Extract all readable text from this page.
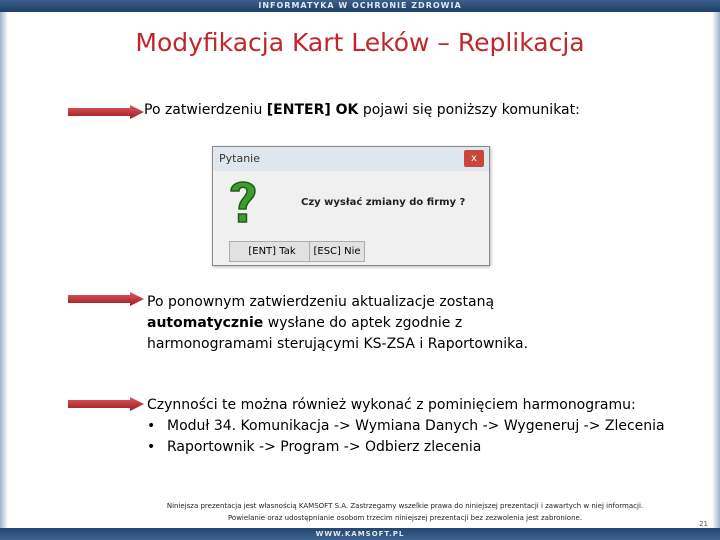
INFORMATYKA W OCHRONIE ZDROWIA
Modyfikacja Kart Leków – Replikacja
Po zatwierdzeniu [ENTER] OK pojawi się poniższy komunikat:
Pytanie	x
Czy wysłać zmiany do firmy ?
[ENT] Tak	[ESC] Nie
Po ponownym zatwierdzeniu aktualizacje zostaną
automatycznie wysłane do aptek zgodnie z
harmonogramami sterującymi KS-ZSA i Raportownika.
Czynności te można również wykonać z pominięciem harmonogramu:
• Moduł 34. Komunikacja -> Wymiana Danych -> Wygeneruj -> Zlecenia
• Raportownik -> Program -> Odbierz zlecenia
Niniejsza prezentacja jest własnością KAMSOFT S.A. Zastrzegamy wszelkie prawa do niniejszej prezentacji i zawartych w niej informacji.
Powielanie oraz udostępnianie osobom trzecim niniejszej prezentacji bez zezwolenia jest zabronione.
21
WWW.KAMSOFT.PL
